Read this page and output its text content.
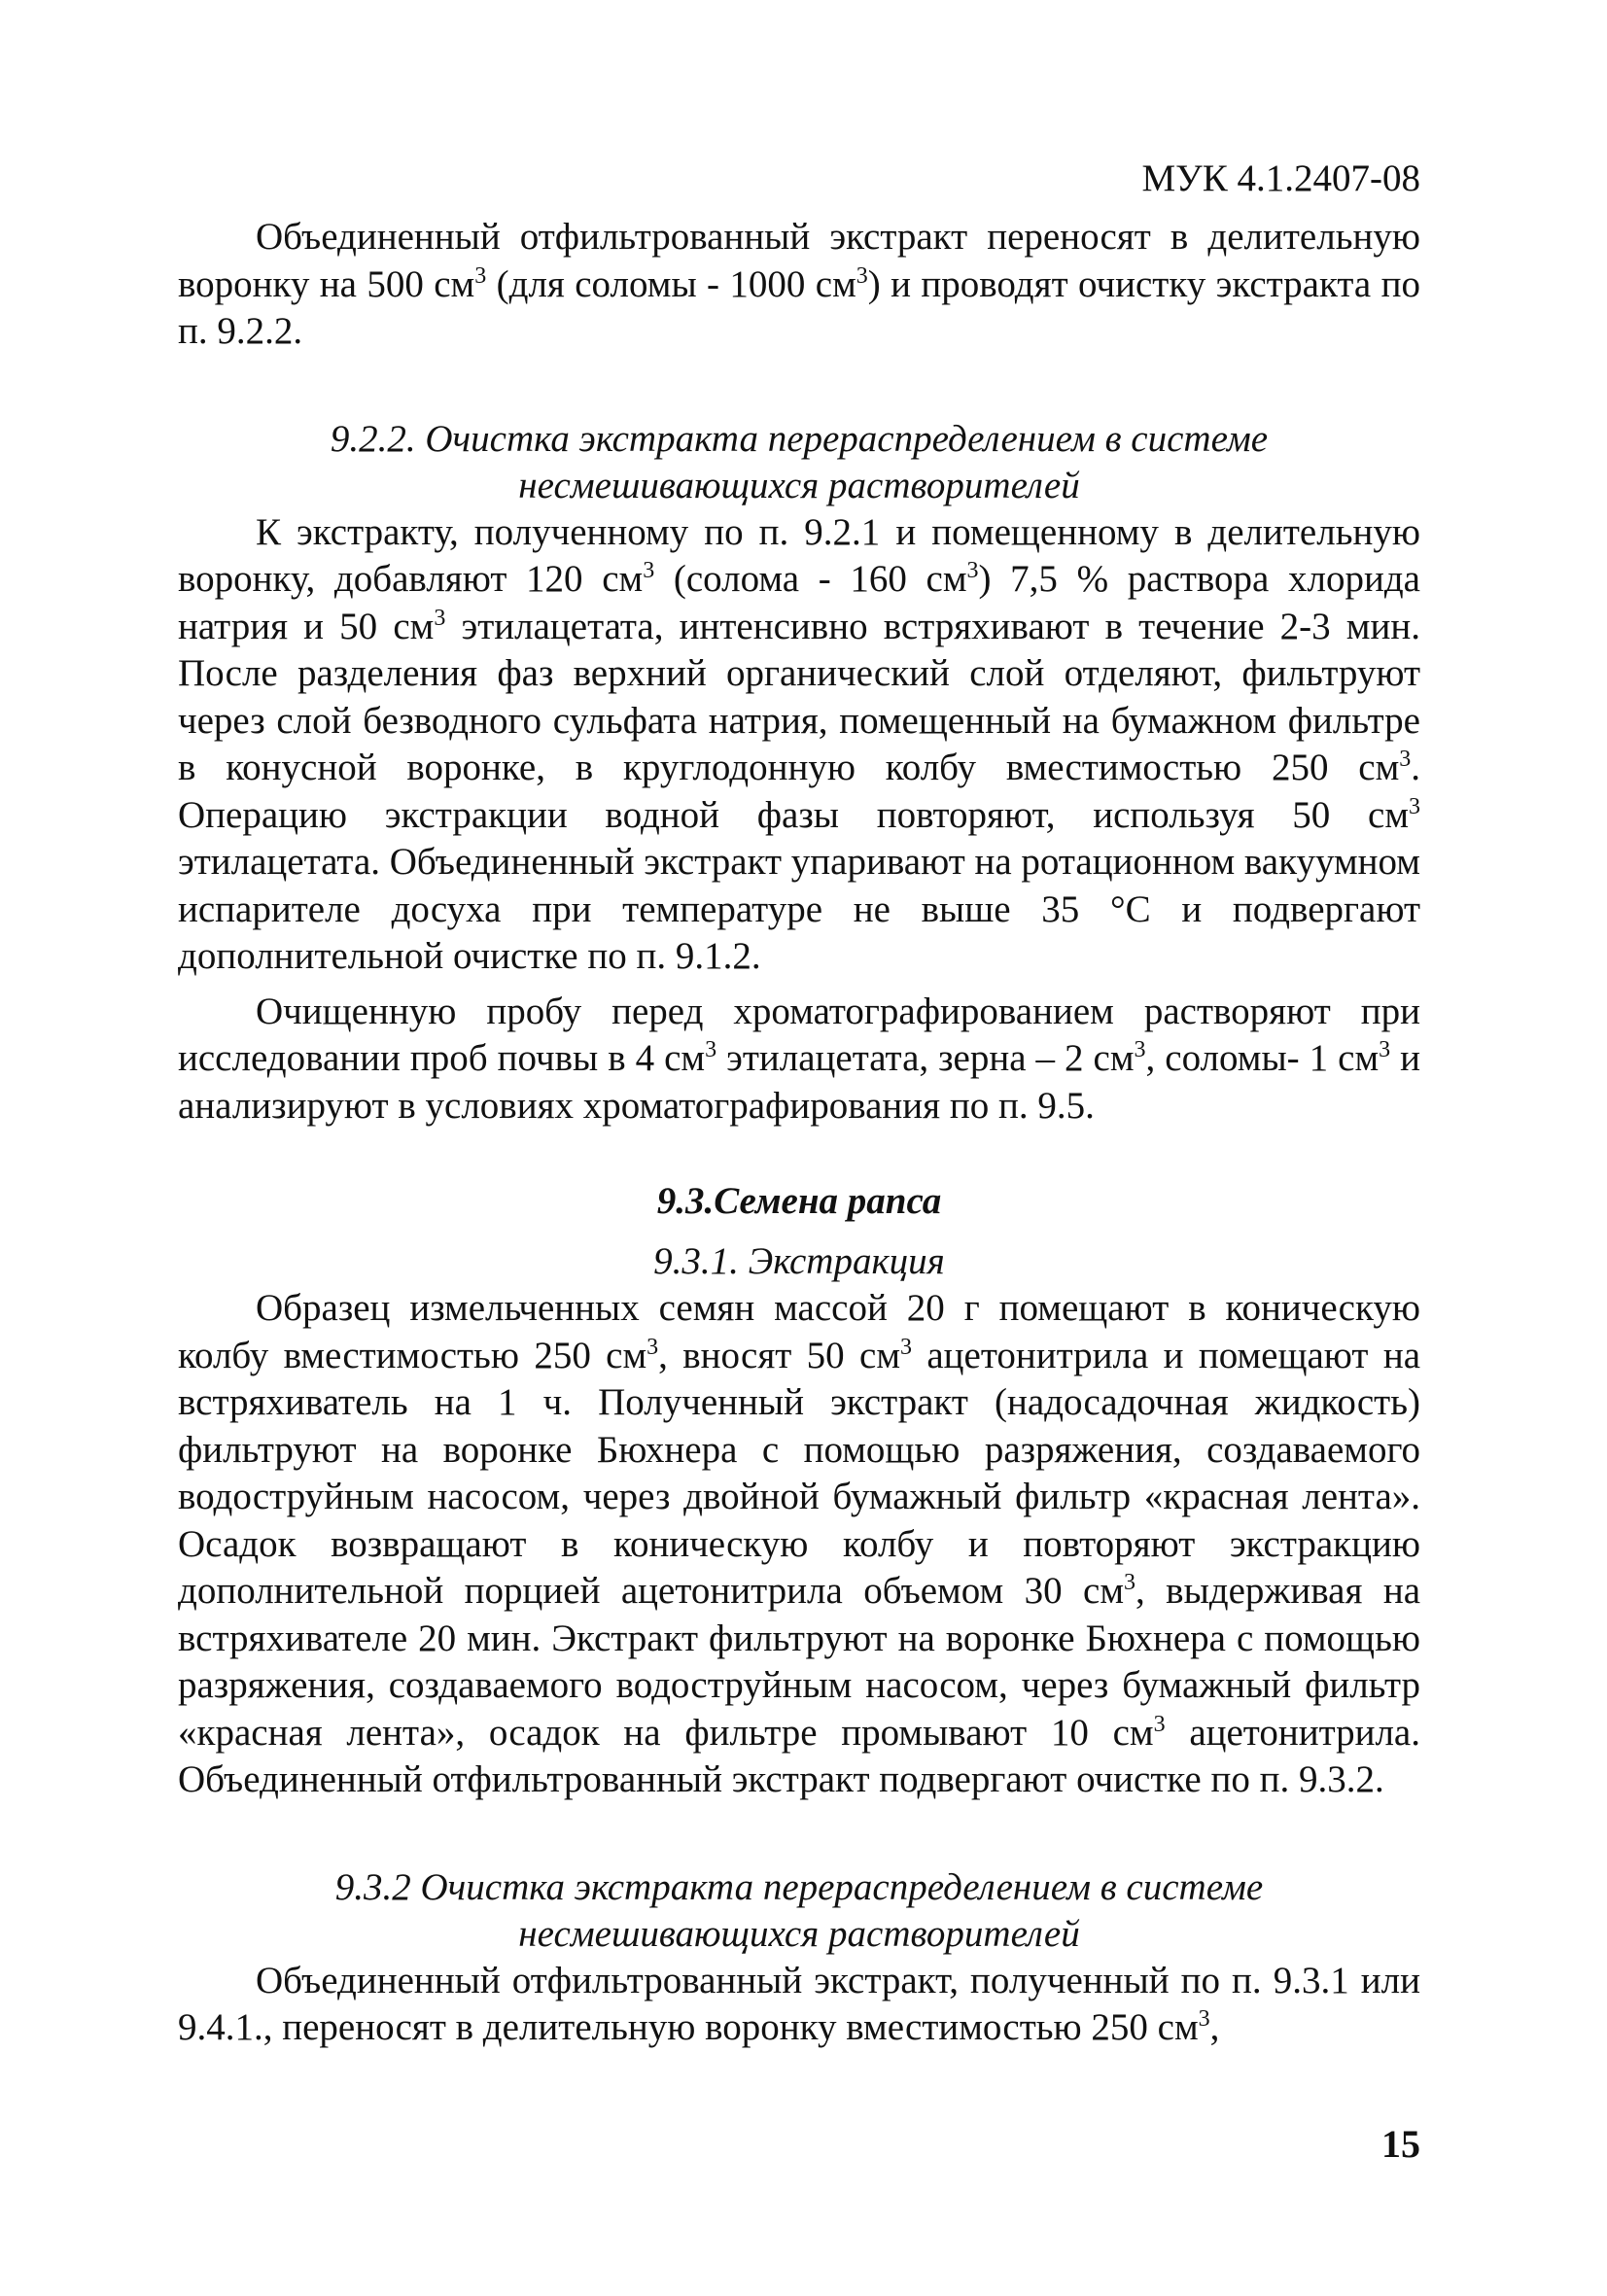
МУК 4.1.2407-08

Объединенный отфильтрованный экстракт переносят в делительную воронку на 500 $см^3$ (для соломы - 1000 $см^3$) и проводят очистку экстракта по п. 9.2.2.

9.2.2. Очистка экстракта перераспределением в системе
несмешивающихся растворителей

К экстракту, полученному по п. 9.2.1 и помещенному в делительную воронку, добавляют 120 $см^3$ (солома - 160 $см^3$) 7,5 % раствора хлорида натрия и 50 $см^3$ этилацетата, интенсивно встряхивают в течение 2-3 мин. После разделения фаз верхний органический слой отделяют, фильтруют через слой безводного сульфата натрия, помещенный на бумажном фильтре в конусной воронке, в круглодонную колбу вместимостью 250 $см^3$. Операцию экстракции водной фазы повторяют, используя 50 $см^3$ этилацетата. Объединенный экстракт упаривают на ротационном вакуумном испарителе досуха при температуре не выше 35 °С и подвергают дополнительной очистке по п. 9.1.2.

Очищенную пробу перед хроматографированием растворяют при исследовании проб почвы в 4 $см^3$ этилацетата, зерна – 2 $см^3$, соломы- 1 $см^3$ и анализируют в условиях хроматографирования по п. 9.5.

9.3.Семена рапса
9.3.1. Экстракция

Образец измельченных семян массой 20 г помещают в коническую колбу вместимостью 250 $см^3$, вносят 50 $см^3$ ацетонитрила и помещают на встряхиватель на 1 ч. Полученный экстракт (надосадочная жидкость) фильтруют на воронке Бюхнера с помощью разряжения, создаваемого водоструйным насосом, через двойной бумажный фильтр «красная лента». Осадок возвращают в коническую колбу и повторяют экстракцию дополнительной порцией ацетонитрила объемом 30 $см^3$, выдерживая на встряхивателе 20 мин. Экстракт фильтруют на воронке Бюхнера с помощью разряжения, создаваемого водоструйным насосом, через бумажный фильтр «красная лента», осадок на фильтре промывают 10 $см^3$ ацетонитрила. Объединенный отфильтрованный экстракт подвергают очистке по п. 9.3.2.

9.3.2 Очистка экстракта перераспределением в системе
несмешивающихся растворителей

Объединенный отфильтрованный экстракт, полученный по п. 9.3.1 или 9.4.1., переносят в делительную воронку вместимостью 250 $см^3$,

15
